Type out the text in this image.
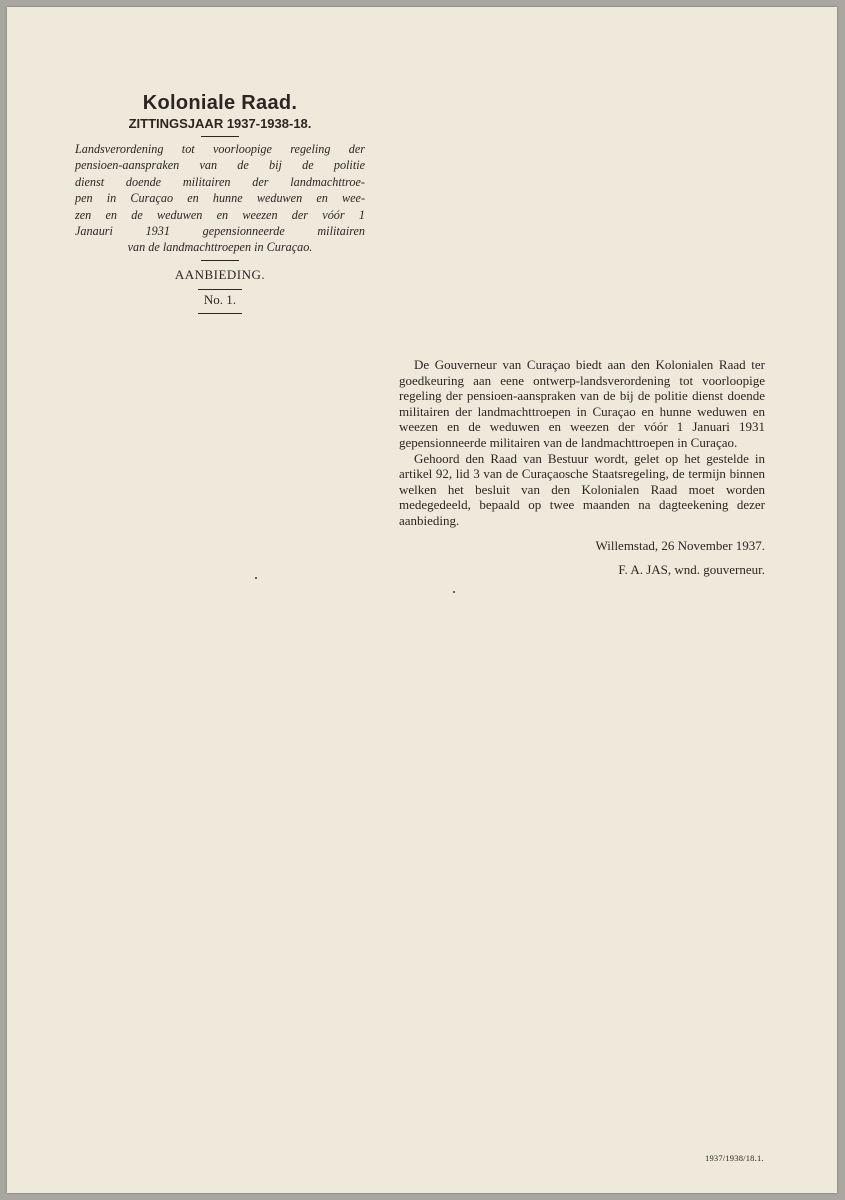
Koloniale Raad.
ZITTINGSJAAR 1937-1938-18.
Landsverordening tot voorloopige regeling der
pensioen-aanspraken van de bij de politie
dienst doende militairen der landmachttroe-
pen in Curaçao en hunne weduwen en wee-
zen en de weduwen en weezen der vóór 1
Janauri 1931 gepensionneerde militairen
van de landmachttroepen in Curaçao.
AANBIEDING.
No. 1.

De Gouverneur van Curaçao biedt aan den Kolonialen Raad ter goedkeuring aan eene ontwerp-landsverordening tot voorloopige regeling der pensioen-aanspraken van de bij de politie dienst doende militairen der landmachttroepen in Curaçao en hunne weduwen en weezen en de weduwen en weezen der vóór 1 Januari 1931 gepensionneerde militairen van de landmachttroepen in Curaçao.

Gehoord den Raad van Bestuur wordt, gelet op het gestelde in artikel 92, lid 3 van de Curaçaosche Staatsregeling, de termijn binnen welken het besluit van den Kolonialen Raad moet worden medegedeeld, bepaald op twee maanden na dagteekening dezer aanbieding.

Willemstad, 26 November 1937.
F. A. JAS, wnd. gouverneur.
1937/1938/18.1.
